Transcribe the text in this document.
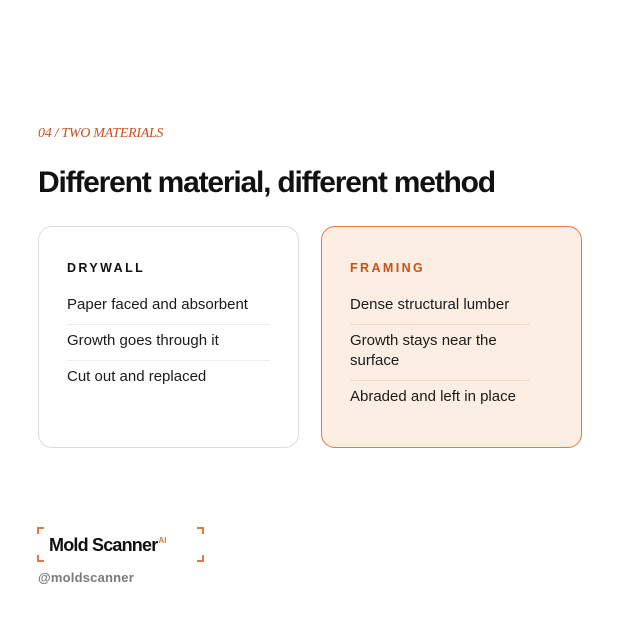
04 / TWO MATERIALS
Different material, different method
DRYWALL
Paper faced and absorbent
Growth goes through it
Cut out and replaced
FRAMING
Dense structural lumber
Growth stays near the surface
Abraded and left in place
Mold Scanner$^{AI}$
@moldscanner
